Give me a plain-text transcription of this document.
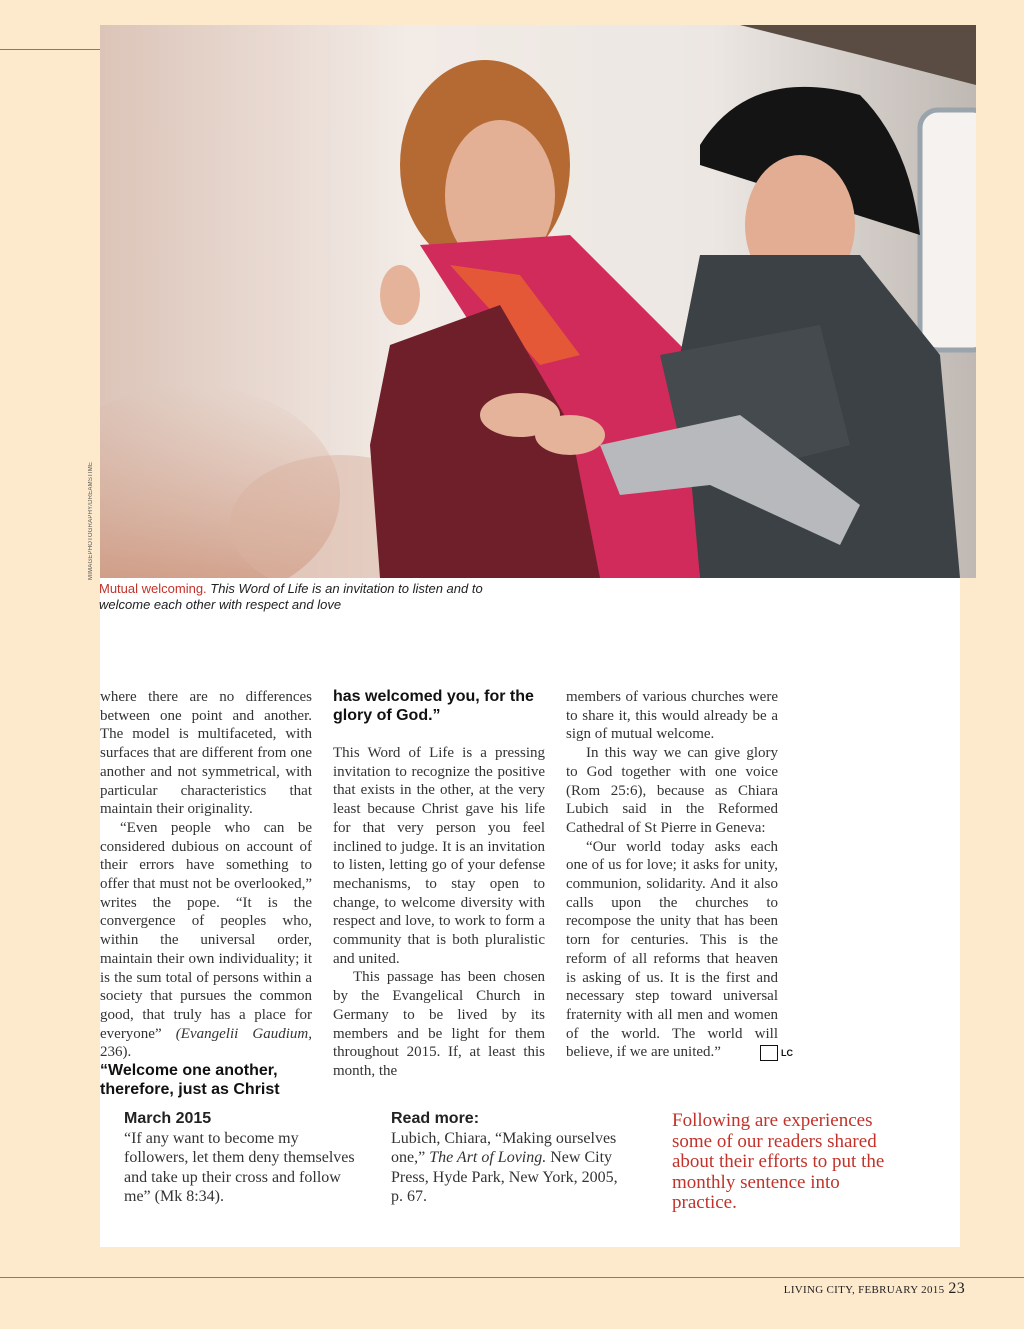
MIMAGEPHOTOGRAPHY/DREAMSTIME
Mutual welcoming. This Word of Life is an invitation to listen and to welcome each other with respect and love

where there are no differences between one point and another. The model is multifaceted, with surfaces that are different from one another and not symmetrical, with particular characteristics that maintain their originality.

“Even people who can be considered dubious on account of their errors have something to offer that must not be overlooked,” writes the pope. “It is the convergence of peoples who, within the universal order, maintain their own individuality; it is the sum total of persons within a society that pursues the common good, that truly has a place for everyone” (Evangelii Gaudium, 236).

“Welcome one another, therefore, just as Christ

has welcomed you, for the glory of God.”

This Word of Life is a pressing invitation to recognize the positive that exists in the other, at the very least because Christ gave his life for that very person you feel inclined to judge. It is an invitation to listen, letting go of your defense mechanisms, to stay open to change, to welcome diversity with respect and love, to work to form a community that is both pluralistic and united.

This passage has been chosen by the Evangelical Church in Germany to be lived by its members and be light for them throughout 2015. If, at least this month, the

members of various churches were to share it, this would already be a sign of mutual welcome.

In this way we can give glory to God together with one voice (Rom 25:6), because as Chiara Lubich said in the Reformed Cathedral of St Pierre in Geneva:

“Our world today asks each one of us for love; it asks for unity, communion, solidarity. And it also calls upon the churches to recompose the unity that has been torn for centuries. This is the reform of all reforms that heaven is asking of us. It is the first and necessary step toward universal fraternity with all men and women of the world. The world will believe, if we are united.”	LC

March 2015

“If any want to become my followers, let them deny themselves and take up their cross and follow me” (Mk 8:34).

Read more:

Lubich, Chiara, “Making ourselves one,” The Art of Loving. New City Press, Hyde Park, New York, 2005, p. 67.

Following are experiences some of our readers shared about their efforts to put the monthly sentence into practice.
LIVING CITY, FEBRUARY 2015 23
